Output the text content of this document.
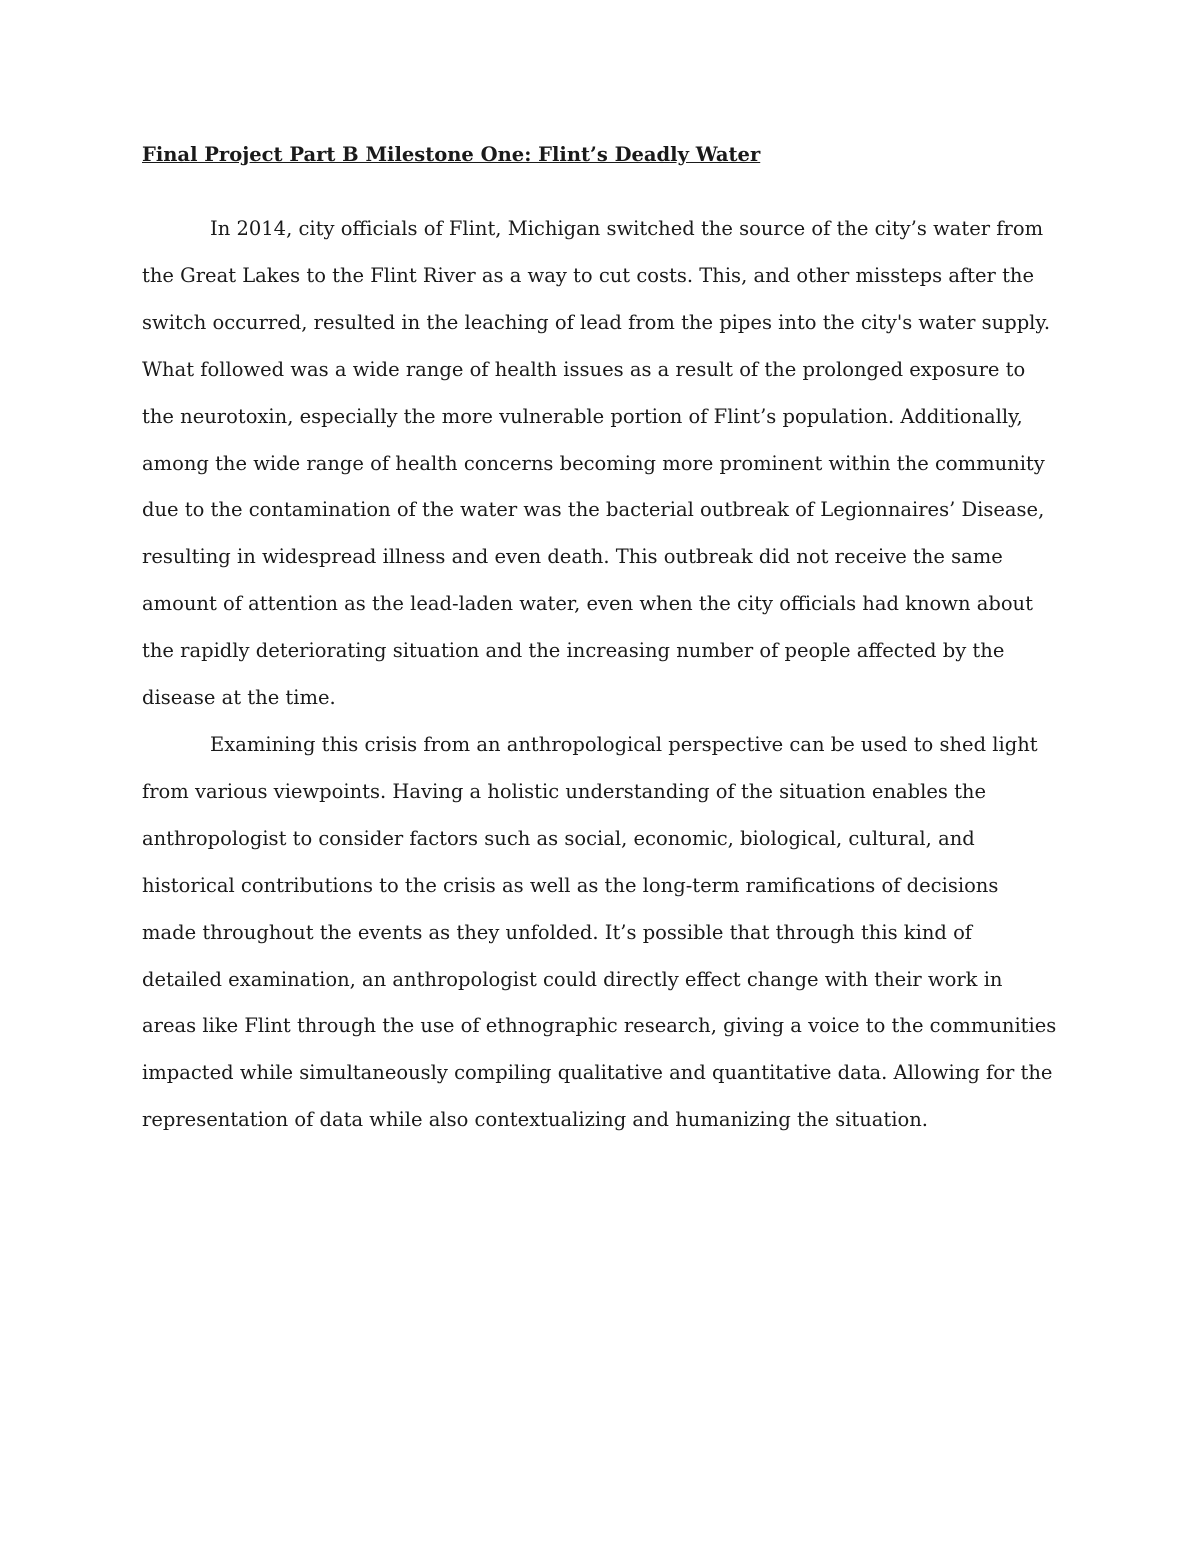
Final Project Part B Milestone One: Flint’s Deadly Water

In 2014, city officials of Flint, Michigan switched the source of the city’s water from the Great Lakes to the Flint River as a way to cut costs. This, and other missteps after the switch occurred, resulted in the leaching of lead from the pipes into the city's water supply. What followed was a wide range of health issues as a result of the prolonged exposure to the neurotoxin, especially the more vulnerable portion of Flint’s population. Additionally, among the wide range of health concerns becoming more prominent within the community due to the contamination of the water was the bacterial outbreak of Legionnaires’ Disease, resulting in widespread illness and even death. This outbreak did not receive the same amount of attention as the lead-laden water, even when the city officials had known about the rapidly deteriorating situation and the increasing number of people affected by the disease at the time.

Examining this crisis from an anthropological perspective can be used to shed light from various viewpoints. Having a holistic understanding of the situation enables the anthropologist to consider factors such as social, economic, biological, cultural, and historical contributions to the crisis as well as the long-term ramifications of decisions made throughout the events as they unfolded. It’s possible that through this kind of detailed examination, an anthropologist could directly effect change with their work in areas like Flint through the use of ethnographic research, giving a voice to the communities impacted while simultaneously compiling qualitative and quantitative data. Allowing for the representation of data while also contextualizing and humanizing the situation.
